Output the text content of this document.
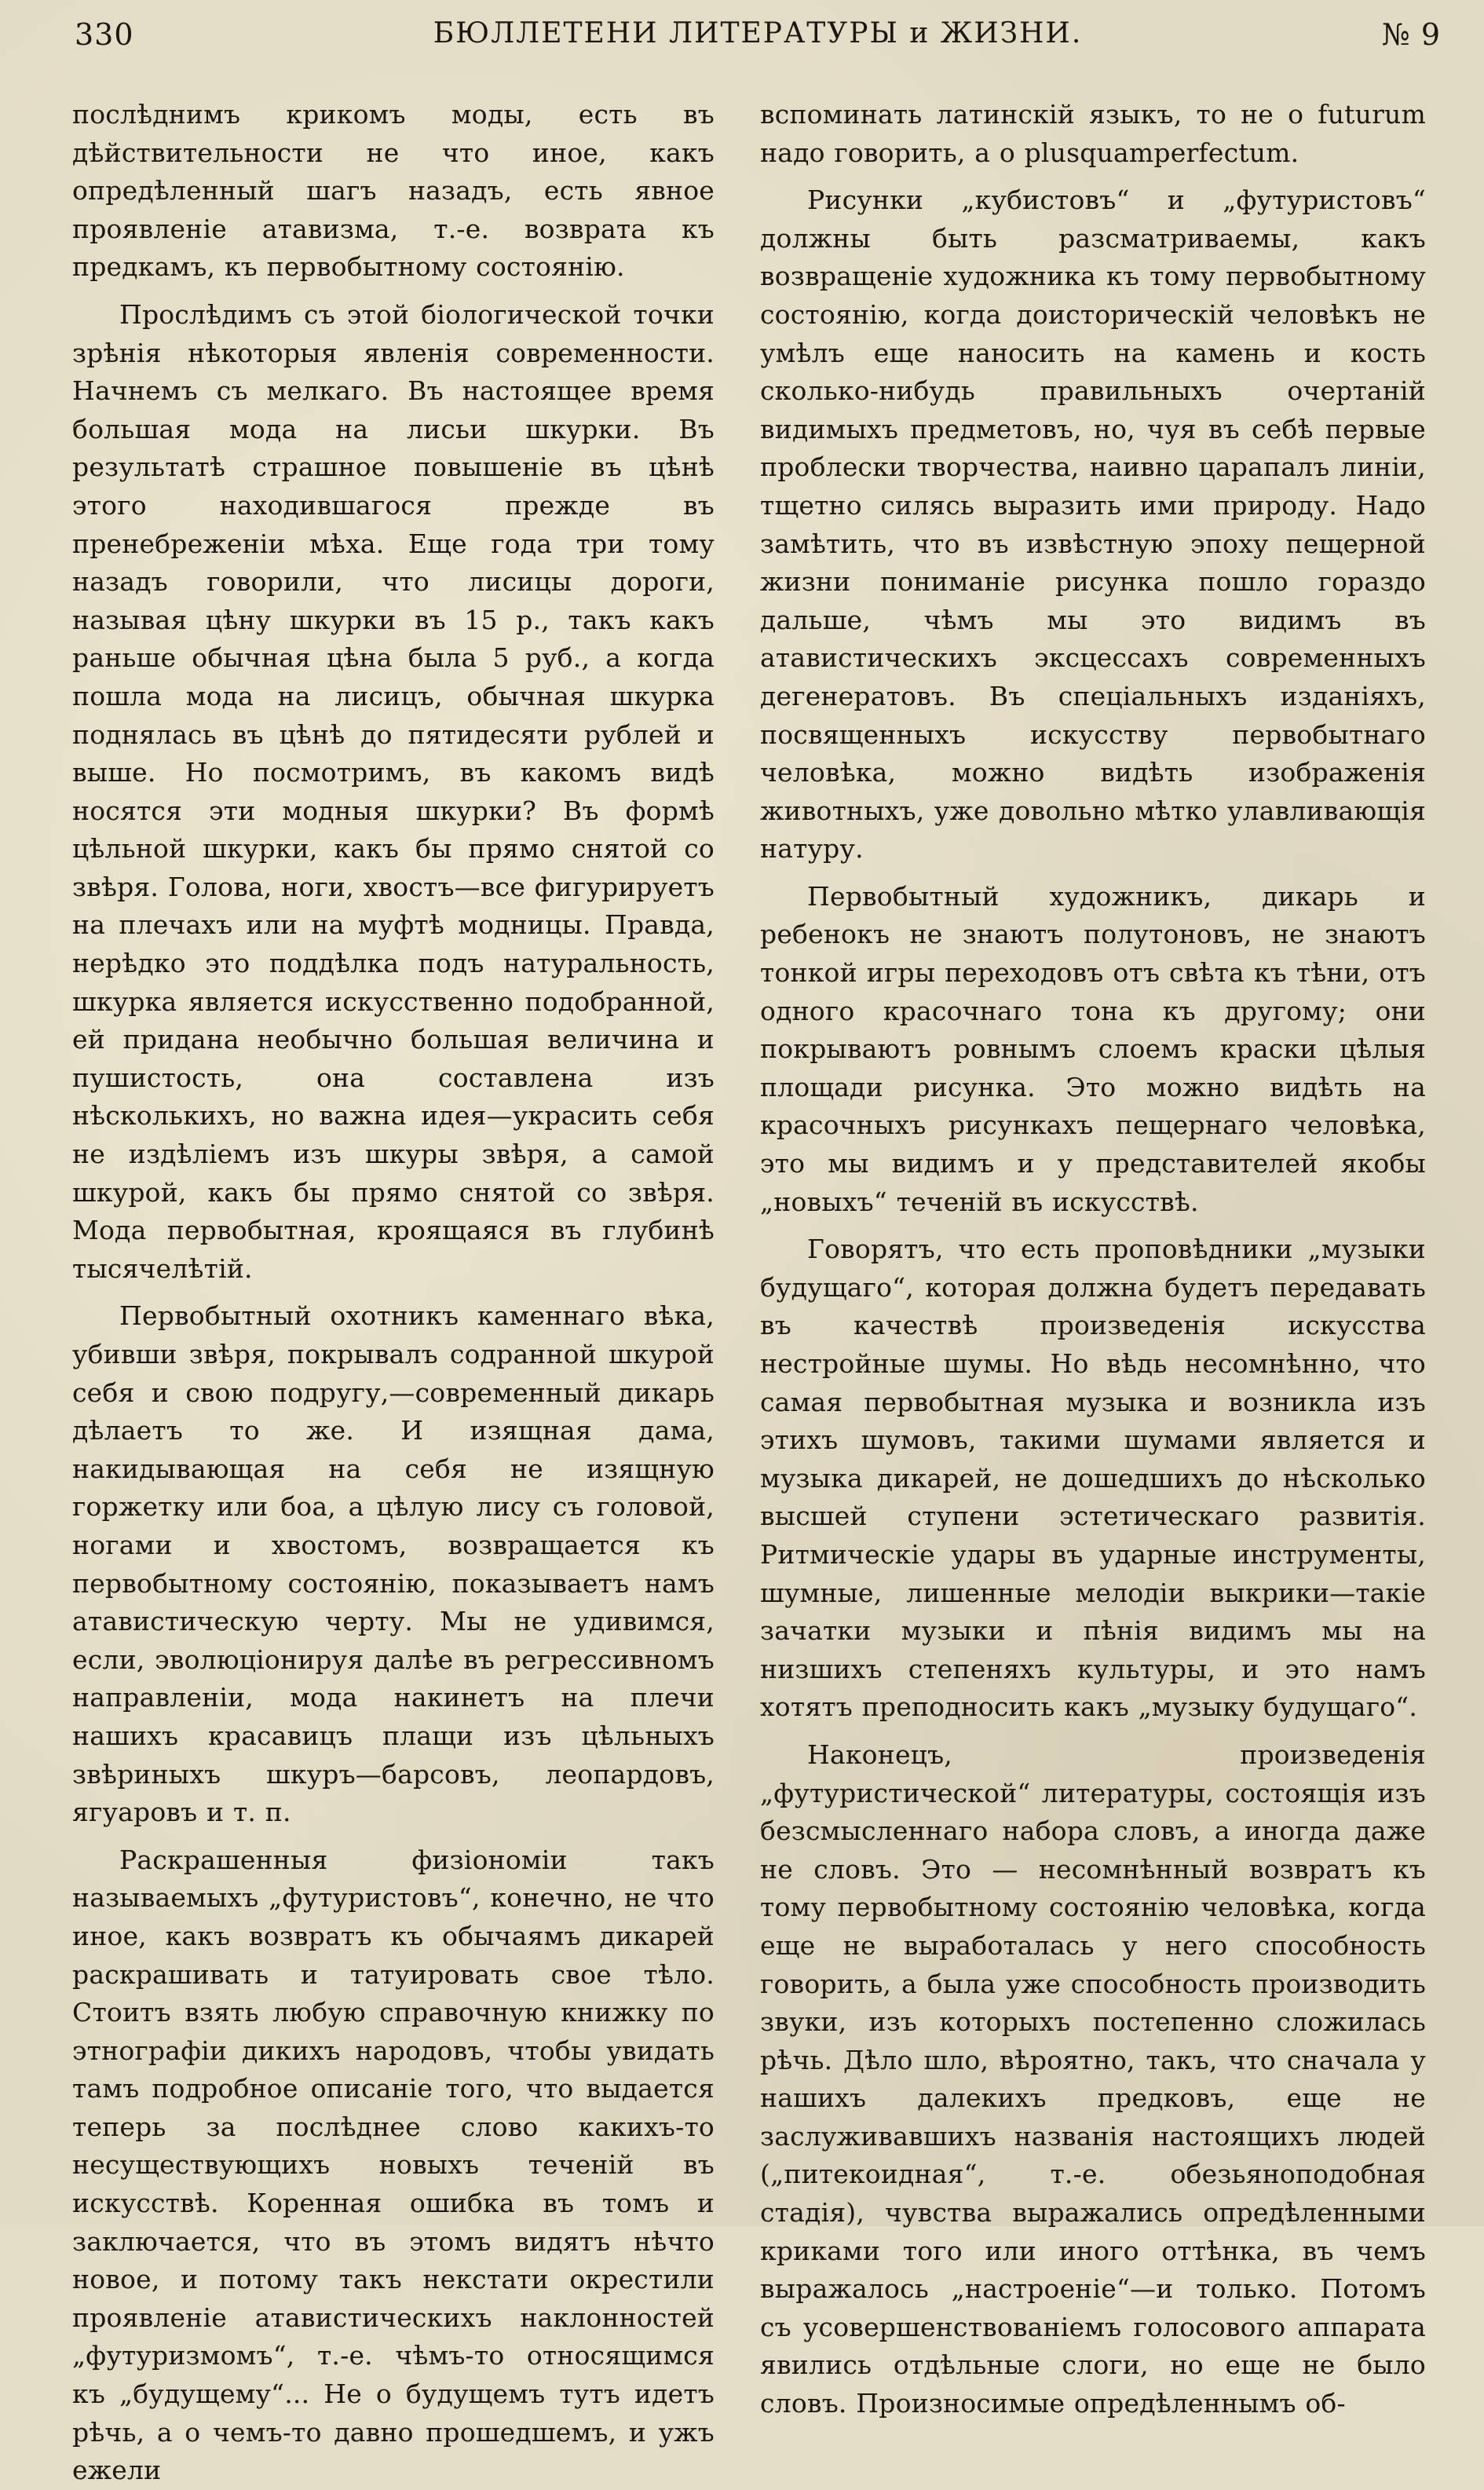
330	БЮЛЛЕТЕНИ ЛИТЕРАТУРЫ и ЖИЗНИ.	№ 9

послѣднимъ крикомъ моды, есть въ дѣйствительности не что иное, какъ опредѣленный шагъ назадъ, есть явное проявленіе атавизма, т.-е. возврата къ предкамъ, къ первобытному состоянію.

Прослѣдимъ съ этой біологической точки зрѣнія нѣкоторыя явленія современности. Начнемъ съ мелкаго. Въ настоящее время большая мода на лисьи шкурки. Въ результатѣ страшное повышеніе въ цѣнѣ этого находившагося прежде въ пренебреженіи мѣха. Еще года три тому назадъ говорили, что лисицы дороги, называя цѣну шкурки въ 15 р., такъ какъ раньше обычная цѣна была 5 руб., а когда пошла мода на лисицъ, обычная шкурка поднялась въ цѣнѣ до пятидесяти рублей и выше. Но посмотримъ, въ какомъ видѣ носятся эти модныя шкурки? Въ формѣ цѣльной шкурки, какъ бы прямо снятой со звѣря. Голова, ноги, хвостъ—все фигурируетъ на плечахъ или на муфтѣ модницы. Правда, нерѣдко это поддѣлка подъ натуральность, шкурка является искусственно подобранной, ей придана необычно большая величина и пушистость, она составлена изъ нѣсколькихъ, но важна идея—украсить себя не издѣліемъ изъ шкуры звѣря, а самой шкурой, какъ бы прямо снятой со звѣря. Мода первобытная, кроящаяся въ глубинѣ тысячелѣтій.

Первобытный охотникъ каменнаго вѣка, убивши звѣря, покрывалъ содранной шкурой себя и свою подругу,—современный дикарь дѣлаетъ то же. И изящная дама, накидывающая на себя не изящную горжетку или боа, а цѣлую лису съ головой, ногами и хвостомъ, возвращается къ первобытному состоянію, показываетъ намъ атавистическую черту. Мы не удивимся, если, эволюціонируя далѣе въ регрессивномъ направленіи, мода накинетъ на плечи нашихъ красавицъ плащи изъ цѣльныхъ звѣриныхъ шкуръ—барсовъ, леопардовъ, ягуаровъ и т. п.

Раскрашенныя физіономіи такъ называемыхъ „футуристовъ“, конечно, не что иное, какъ возвратъ къ обычаямъ дикарей раскрашивать и татуировать свое тѣло. Стоитъ взять любую справочную книжку по этнографіи дикихъ народовъ, чтобы увидать тамъ подробное описаніе того, что выдается теперь за послѣднее слово какихъ-то несуществующихъ новыхъ теченій въ искусствѣ. Коренная ошибка въ томъ и заключается, что въ этомъ видятъ нѣчто новое, и потому такъ некстати окрестили проявленіе атавистическихъ наклонностей „футуризмомъ“, т.-е. чѣмъ-то относящимся къ „будущему“... Не о будущемъ тутъ идетъ рѣчь, а о чемъ-то давно прошедшемъ, и ужъ ежели

вспоминать латинскій языкъ, то не о futurum надо говорить, а о plusquamperfectum.

Рисунки „кубистовъ“ и „футуристовъ“ должны быть разсматриваемы, какъ возвращеніе художника къ тому первобытному состоянію, когда доисторическій человѣкъ не умѣлъ еще наносить на камень и кость сколько-нибудь правильныхъ очертаній видимыхъ предметовъ, но, чуя въ себѣ первые проблески творчества, наивно царапалъ линіи, тщетно силясь выразить ими природу. Надо замѣтить, что въ извѣстную эпоху пещерной жизни пониманіе рисунка пошло гораздо дальше, чѣмъ мы это видимъ въ атавистическихъ эксцессахъ современныхъ дегенератовъ. Въ спеціальныхъ изданіяхъ, посвященныхъ искусству первобытнаго человѣка, можно видѣть изображенія животныхъ, уже довольно мѣтко улавливающія натуру.

Первобытный художникъ, дикарь и ребенокъ не знаютъ полутоновъ, не знаютъ тонкой игры переходовъ отъ свѣта къ тѣни, отъ одного красочнаго тона къ другому; они покрываютъ ровнымъ слоемъ краски цѣлыя площади рисунка. Это можно видѣть на красочныхъ рисункахъ пещернаго человѣка, это мы видимъ и у представителей якобы „новыхъ“ теченій въ искусствѣ.

Говорятъ, что есть проповѣдники „музыки будущаго“, которая должна будетъ передавать въ качествѣ произведенія искусства нестройные шумы. Но вѣдь несомнѣнно, что самая первобытная музыка и возникла изъ этихъ шумовъ, такими шумами является и музыка дикарей, не дошедшихъ до нѣсколько высшей ступени эстетическаго развитія. Ритмическіе удары въ ударные инструменты, шумные, лишенные мелодіи выкрики—такіе зачатки музыки и пѣнія видимъ мы на низшихъ степеняхъ культуры, и это намъ хотятъ преподносить какъ „музыку будущаго“.

Наконецъ, произведенія „футуристической“ литературы, состоящія изъ безсмысленнаго набора словъ, а иногда даже не словъ. Это — несомнѣнный возвратъ къ тому первобытному состоянію человѣка, когда еще не выработалась у него способность говорить, а была уже способность производить звуки, изъ которыхъ постепенно сложилась рѣчь. Дѣло шло, вѣроятно, такъ, что сначала у нашихъ далекихъ предковъ, еще не заслуживавшихъ названія настоящихъ людей („питекоидная“, т.-е. обезьяноподобная стадія), чувства выражались опредѣленными криками того или иного оттѣнка, въ чемъ выражалось „настроеніе“—и только. Потомъ съ усовершенствованіемъ голосового аппарата явились отдѣльные слоги, но еще не было словъ. Произносимые опредѣленнымъ об-
